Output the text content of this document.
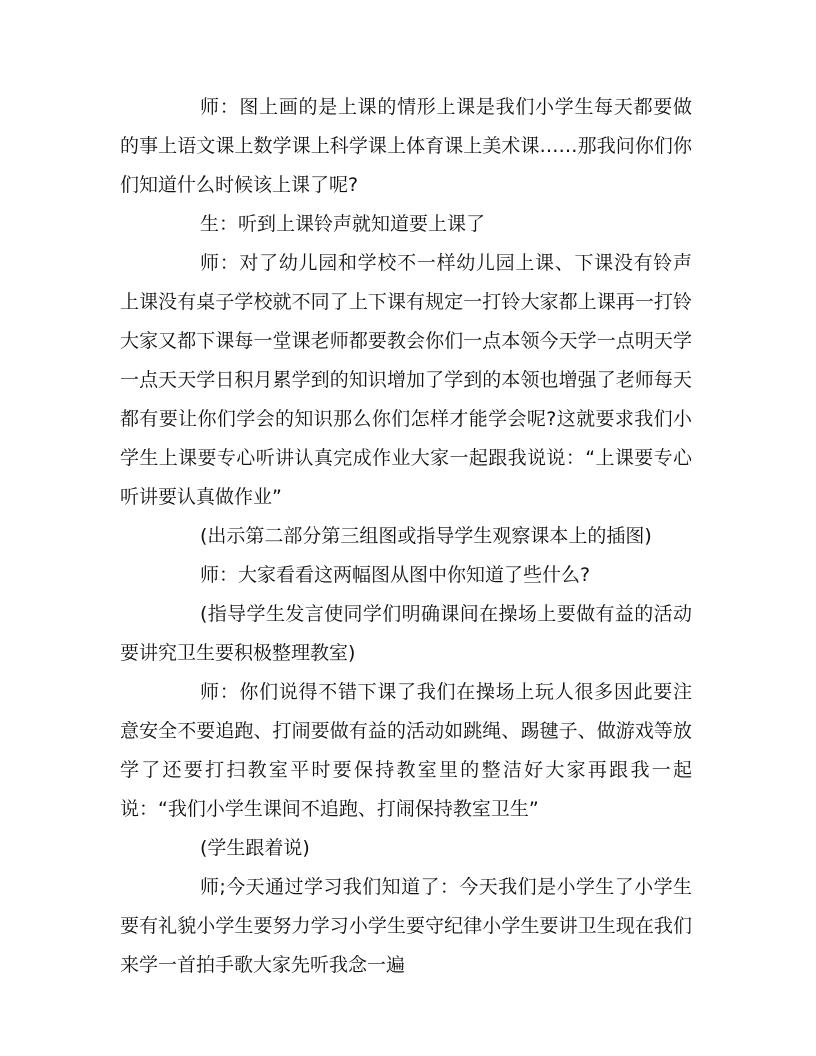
师：图上画的是上课的情形上课是我们小学生每天都要做的事上语文课上数学课上科学课上体育课上美术课……那我问你们你们知道什么时候该上课了呢?

生：听到上课铃声就知道要上课了

师：对了幼儿园和学校不一样幼儿园上课、下课没有铃声上课没有桌子学校就不同了上下课有规定一打铃大家都上课再一打铃大家又都下课每一堂课老师都要教会你们一点本领今天学一点明天学一点天天学日积月累学到的知识增加了学到的本领也增强了老师每天都有要让你们学会的知识那么你们怎样才能学会呢?这就要求我们小学生上课要专心听讲认真完成作业大家一起跟我说说：“上课要专心听讲要认真做作业”

(出示第二部分第三组图或指导学生观察课本上的插图)

师：大家看看这两幅图从图中你知道了些什么?

(指导学生发言使同学们明确课间在操场上要做有益的活动要讲究卫生要积极整理教室)

师：你们说得不错下课了我们在操场上玩人很多因此要注意安全不要追跑、打闹要做有益的活动如跳绳、踢毽子、做游戏等放学了还要打扫教室平时要保持教室里的整洁好大家再跟我一起说：“我们小学生课间不追跑、打闹保持教室卫生”

(学生跟着说)

师;今天通过学习我们知道了：今天我们是小学生了小学生要有礼貌小学生要努力学习小学生要守纪律小学生要讲卫生现在我们来学一首拍手歌大家先听我念一遍
